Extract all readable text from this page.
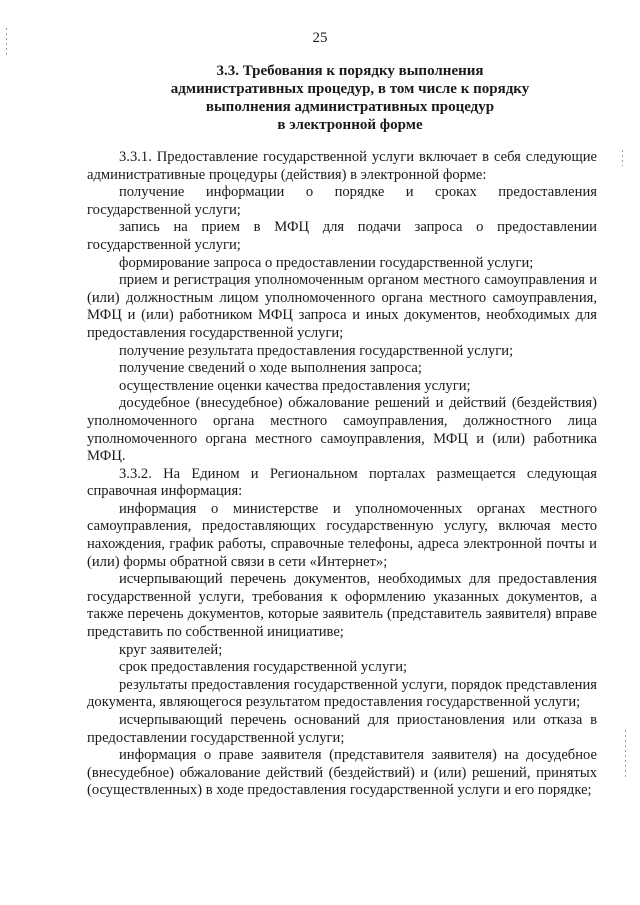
25
3.3. Требования к порядку выполнения
административных процедур, в том числе к порядку
выполнения административных процедур
в электронной форме

3.3.1. Предоставление государственной услуги включает в себя следующие административные процедуры (действия) в электронной форме:

получение информации о порядке и сроках предоставления государственной услуги;

запись на прием в МФЦ для подачи запроса о предоставлении государственной услуги;

формирование запроса о предоставлении государственной услуги;

прием и регистрация уполномоченным органом местного самоуправления и (или) должностным лицом уполномоченного органа местного самоуправления, МФЦ и (или) работником МФЦ запроса и иных документов, необходимых для предоставления государственной услуги;

получение результата предоставления государственной услуги;

получение сведений о ходе выполнения запроса;

осуществление оценки качества предоставления услуги;

досудебное (внесудебное) обжалование решений и действий (бездействия) уполномоченного органа местного самоуправления, должностного лица уполномоченного органа местного самоуправления, МФЦ и (или) работника МФЦ.

3.3.2. На Едином и Региональном порталах размещается следующая справочная информация:

информация о министерстве и уполномоченных органах местного самоуправления, предоставляющих государственную услугу, включая место нахождения, график работы, справочные телефоны, адреса электронной почты и (или) формы обратной связи в сети «Интернет»;

исчерпывающий перечень документов, необходимых для предоставления государственной услуги, требования к оформлению указанных документов, а также перечень документов, которые заявитель (представитель заявителя) вправе представить по собственной инициативе;

круг заявителей;

срок предоставления государственной услуги;

результаты предоставления государственной услуги, порядок представления документа, являющегося результатом предоставления государственной услуги;

исчерпывающий перечень оснований для приостановления или отказа в предоставлении государственной услуги;

информация о праве заявителя (представителя заявителя) на досудебное (внесудебное) обжалование действий (бездействий) и (или) решений, принятых (осуществленных) в ходе предоставления государственной услуги и его порядке;
